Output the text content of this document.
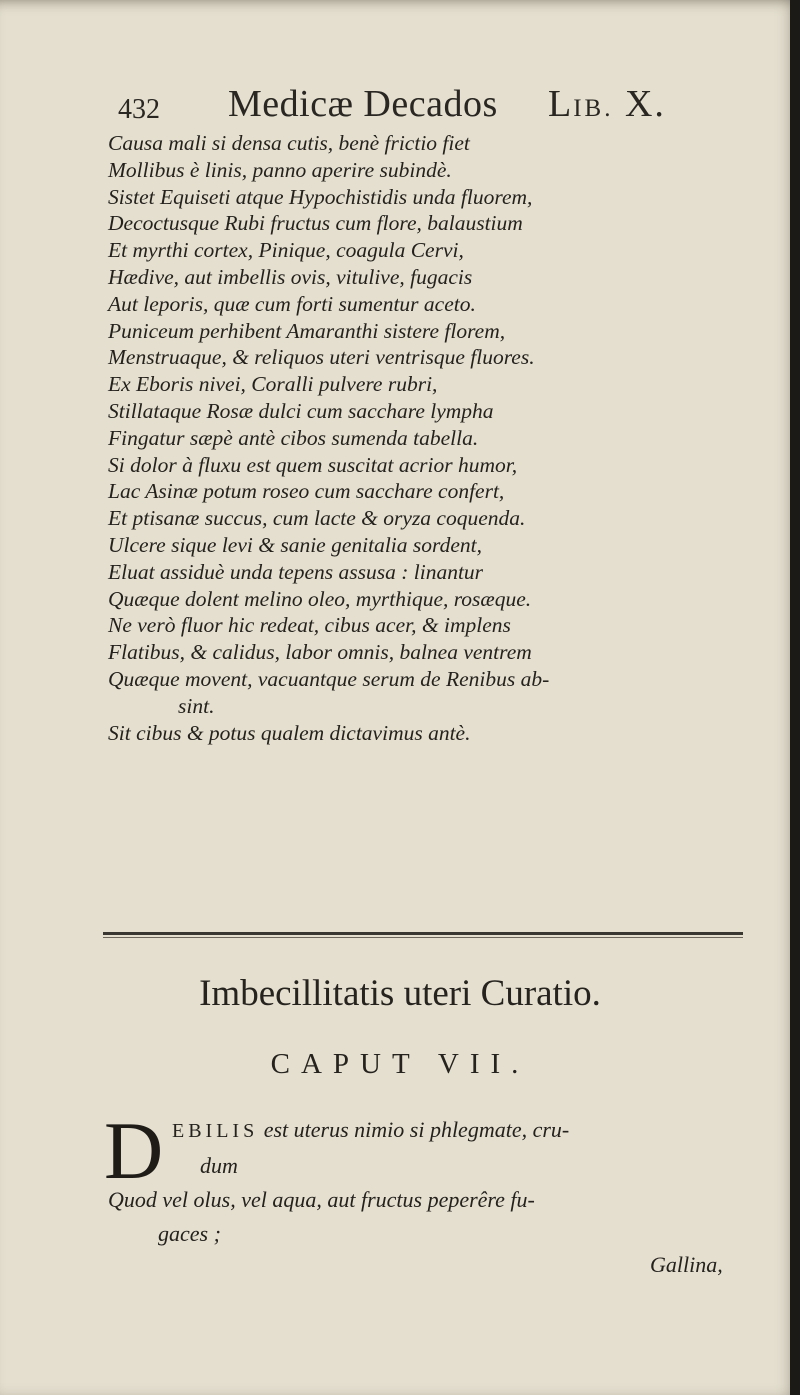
432 Medicæ Decados LIB. X.
Causa mali si densa cutis, benè frictio fiet
Mollibus è linis, panno aperire subindè.
Sistet Equiseti atque Hypochistidis unda fluorem,
Decoctusque Rubi fructus cum flore, balaustium
Et myrthi cortex, Pinique, coagula Cervi,
Hædive, aut imbellis ovis, vitulive, fugacis
Aut leporis, quæ cum forti sumentur aceto.
Puniceum perhibent Amaranthi sistere florem,
Menstruaque, & reliquos uteri ventrisque fluores.
Ex Eboris nivei, Coralli pulvere rubri,
Stillataque Rosæ dulci cum sacchare lympha
Fingatur sæpè antè cibos sumenda tabella.
Si dolor à fluxu est quem suscitat acrior humor,
Lac Asinæ potum roseo cum sacchare confert,
Et ptisanæ succus, cum lacte & oryza coquenda.
Ulcere sique levi & sanie genitalia sordent,
Eluat assiduè unda tepens assusa : linantur
Quæque dolent melino oleo, myrthique, rosæque.
Ne verò fluor hic redeat, cibus acer, & implens
Flatibus, & calidus, labor omnis, balnea ventrem
Quæque movent, vacuantque serum de Renibus ab-
sint.
Sit cibus & potus qualem dictavimus antè.
Imbecillitatis uteri Curatio.
CAPUT VII.
D EBILIS est uterus nimio si phlegmate, cru-
dum
Quod vel olus, vel aqua, aut fructus peperêre fu-
gaces ;
Gallina,
